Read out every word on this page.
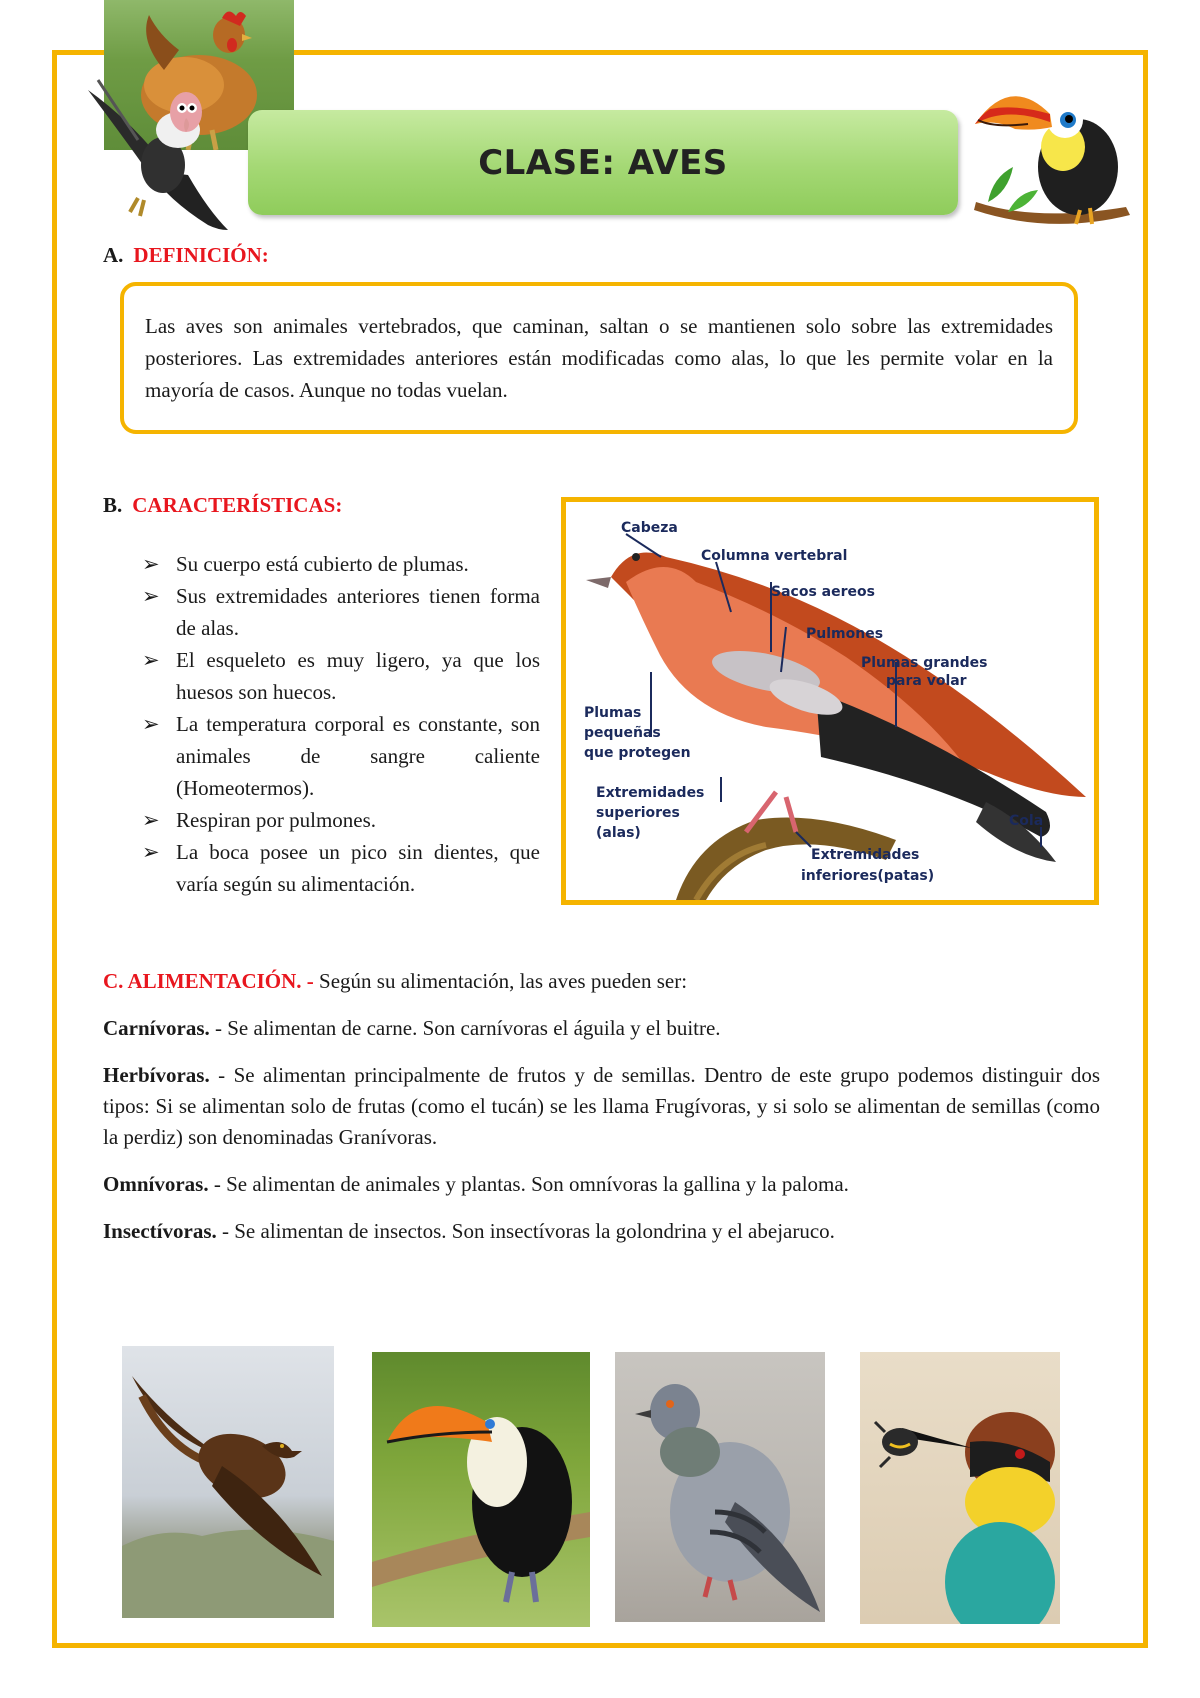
CLASE: AVES
A. DEFINICIÓN:
Las aves son animales vertebrados, que caminan, saltan o se mantienen solo sobre las extremidades posteriores. Las extremidades anteriores están modificadas como alas, lo que les permite volar en la mayoría de casos. Aunque no todas vuelan.
B. CARACTERÍSTICAS:
➢ Su cuerpo está cubierto de plumas.
➢ Sus extremidades anteriores tienen forma de alas.
➢ El esqueleto es muy ligero, ya que los huesos son huecos.
➢ La temperatura corporal es constante, son animales de sangre caliente (Homeotermos).
➢ Respiran por pulmones.
➢ La boca posee un pico sin dientes, que varía según su alimentación.
Cabeza
Columna vertebral
Sacos aereos
Pulmones
Plumas grandes
para volar
Plumas
pequeñas
que protegen
Extremidades
superiores
(alas)
Cola
Extremidades
inferiores(patas)
C. ALIMENTACIÓN. - Según su alimentación, las aves pueden ser:

Carnívoras. - Se alimentan de carne. Son carnívoras el águila y el buitre.

Herbívoras. - Se alimentan principalmente de frutos y de semillas. Dentro de este grupo podemos distinguir dos tipos: Si se alimentan solo de frutas (como el tucán) se les llama Frugívoras, y si solo se alimentan de semillas (como la perdiz) son denominadas Granívoras.

Omnívoras. - Se alimentan de animales y plantas. Son omnívoras la gallina y la paloma.

Insectívoras. - Se alimentan de insectos. Son insectívoras la golondrina y el abejaruco.
